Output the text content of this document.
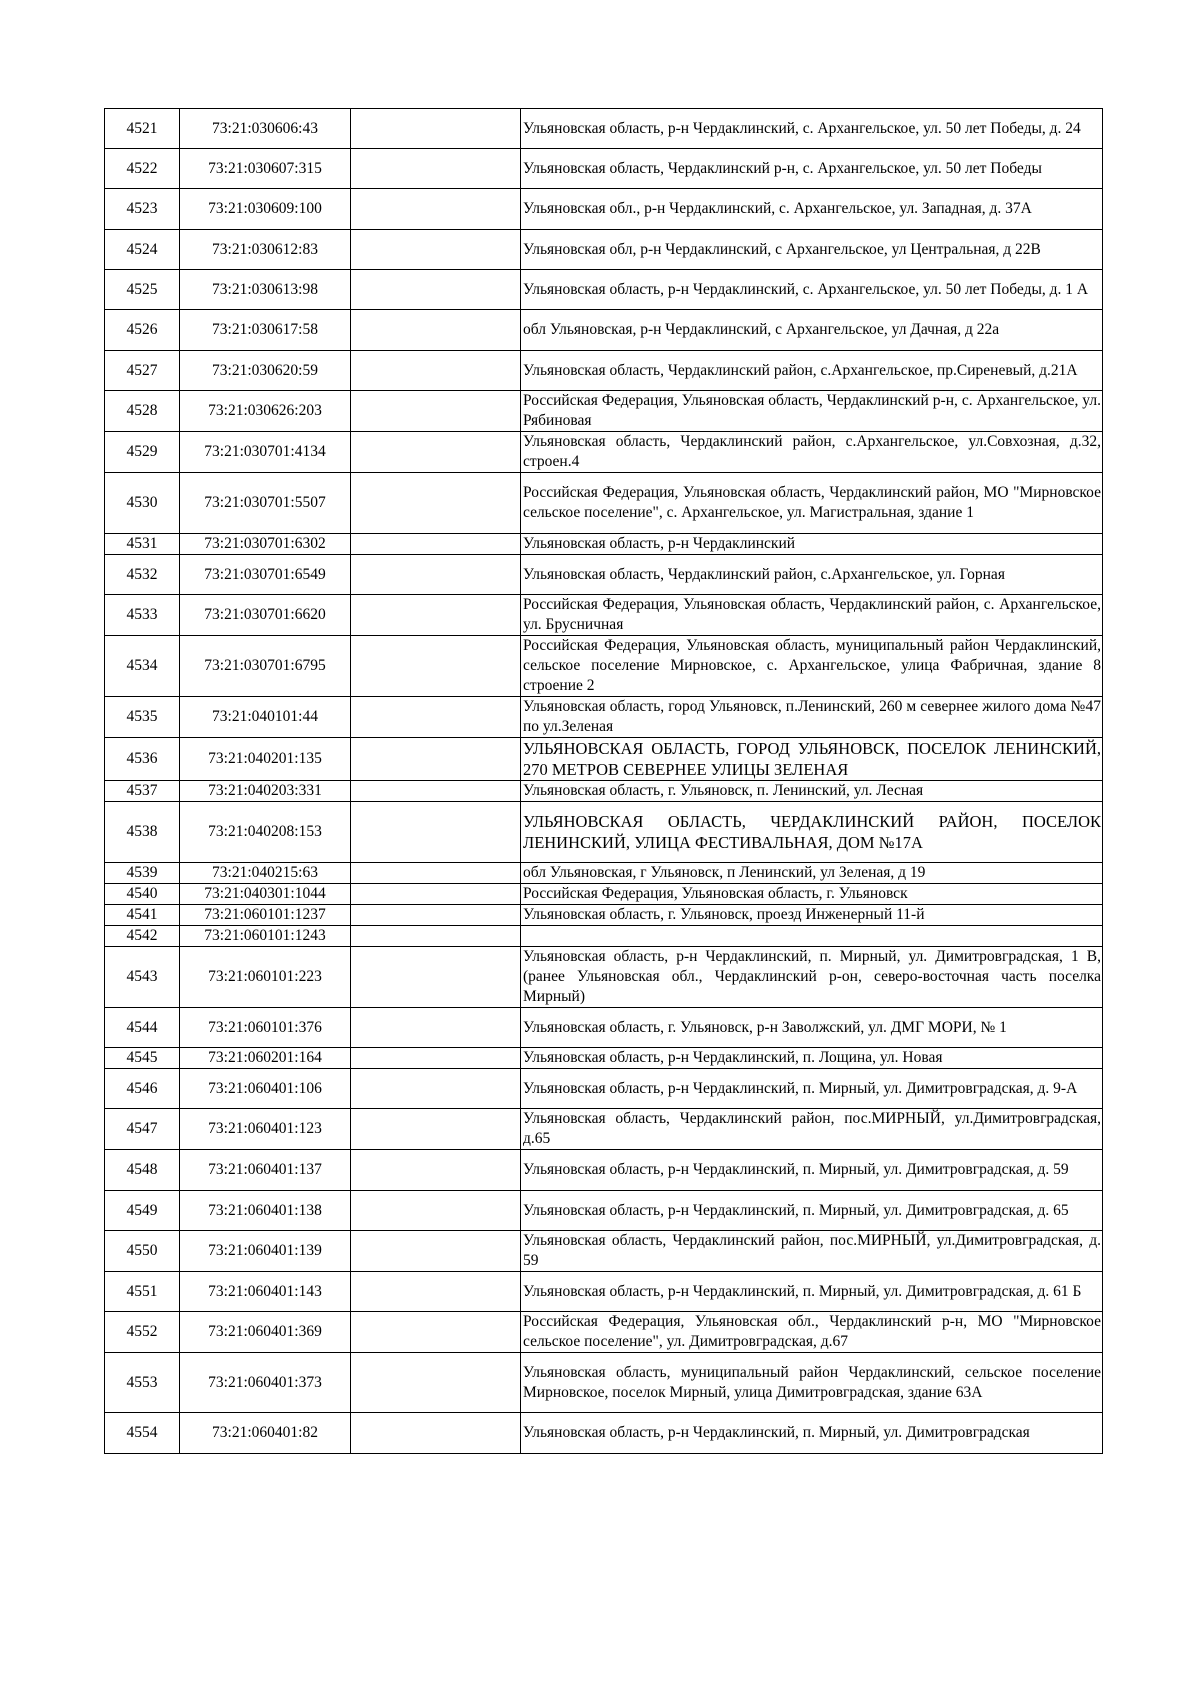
4521	73:21:030606:43		Ульяновская область, р-н Чердаклинский, с. Архангельское, ул. 50 лет Победы, д. 24
4522	73:21:030607:315		Ульяновская область, Чердаклинский р-н, с. Архангельское, ул. 50 лет Победы
4523	73:21:030609:100		Ульяновская обл., р-н Чердаклинский, с. Архангельское, ул. Западная, д. 37А
4524	73:21:030612:83		Ульяновская обл, р-н Чердаклинский, с Архангельское, ул Центральная, д 22В
4525	73:21:030613:98		Ульяновская область, р-н Чердаклинский, с. Архангельское, ул. 50 лет Победы, д. 1 А
4526	73:21:030617:58		обл Ульяновская, р-н Чердаклинский, с Архангельское, ул Дачная, д 22а
4527	73:21:030620:59		Ульяновская область, Чердаклинский район, с.Архангельское, пр.Сиреневый, д.21А
4528	73:21:030626:203		Российская Федерация, Ульяновская область, Чердаклинский р-н, с. Архангельское, ул. Рябиновая
4529	73:21:030701:4134		Ульяновская область, Чердаклинский район, с.Архангельское, ул.Совхозная, д.32, строен.4
4530	73:21:030701:5507		Российская Федерация, Ульяновская область, Чердаклинский район, МО "Мирновское сельское поселение", с. Архангельское, ул. Магистральная, здание 1
4531	73:21:030701:6302		Ульяновская область, р-н Чердаклинский
4532	73:21:030701:6549		Ульяновская область, Чердаклинский район, с.Архангельское, ул. Горная
4533	73:21:030701:6620		Российская Федерация, Ульяновская область, Чердаклинский район, с. Архангельское, ул. Брусничная
4534	73:21:030701:6795		Российская Федерация, Ульяновская область, муниципальный район Чердаклинский, сельское поселение Мирновское, с. Архангельское, улица Фабричная, здание 8 строение 2
4535	73:21:040101:44		Ульяновская область, город Ульяновск, п.Ленинский, 260 м севернее жилого дома №47 по ул.Зеленая
4536	73:21:040201:135		УЛЬЯНОВСКАЯ ОБЛАСТЬ, ГОРОД УЛЬЯНОВСК, ПОСЕЛОК ЛЕНИНСКИЙ, 270 МЕТРОВ СЕВЕРНЕЕ УЛИЦЫ ЗЕЛЕНАЯ
4537	73:21:040203:331		Ульяновская область, г. Ульяновск, п. Ленинский, ул. Лесная
4538	73:21:040208:153		УЛЬЯНОВСКАЯ ОБЛАСТЬ, ЧЕРДАКЛИНСКИЙ РАЙОН, ПОСЕЛОК ЛЕНИНСКИЙ, УЛИЦА ФЕСТИВАЛЬНАЯ, ДОМ №17А
4539	73:21:040215:63		обл Ульяновская, г Ульяновск, п Ленинский, ул Зеленая, д 19
4540	73:21:040301:1044		Российская Федерация, Ульяновская область, г. Ульяновск
4541	73:21:060101:1237		Ульяновская область, г. Ульяновск, проезд Инженерный 11-й
4542	73:21:060101:1243		
4543	73:21:060101:223		Ульяновская область, р-н Чердаклинский, п. Мирный, ул. Димитровградская, 1 В, (ранее Ульяновская обл., Чердаклинский р-он, северо-восточная часть поселка Мирный)
4544	73:21:060101:376		Ульяновская область, г. Ульяновск, р-н Заволжский, ул. ДМГ МОРИ, № 1
4545	73:21:060201:164		Ульяновская область, р-н Чердаклинский, п. Лощина, ул. Новая
4546	73:21:060401:106		Ульяновская область, р-н Чердаклинский, п. Мирный, ул. Димитровградская, д. 9-А
4547	73:21:060401:123		Ульяновская область, Чердаклинский район, пос.МИРНЫЙ, ул.Димитровградская, д.65
4548	73:21:060401:137		Ульяновская область, р-н Чердаклинский, п. Мирный, ул. Димитровградская, д. 59
4549	73:21:060401:138		Ульяновская область, р-н Чердаклинский, п. Мирный, ул. Димитровградская, д. 65
4550	73:21:060401:139		Ульяновская область, Чердаклинский район, пос.МИРНЫЙ, ул.Димитровградская, д. 59
4551	73:21:060401:143		Ульяновская область, р-н Чердаклинский, п. Мирный, ул. Димитровградская, д. 61 Б
4552	73:21:060401:369		Российская Федерация, Ульяновская обл., Чердаклинский р-н, МО "Мирновское сельское поселение", ул. Димитровградская, д.67
4553	73:21:060401:373		Ульяновская область, муниципальный район Чердаклинский, сельское поселение Мирновское, поселок Мирный, улица Димитровградская, здание 63А
4554	73:21:060401:82		Ульяновская область, р-н Чердаклинский, п. Мирный, ул. Димитровградская
